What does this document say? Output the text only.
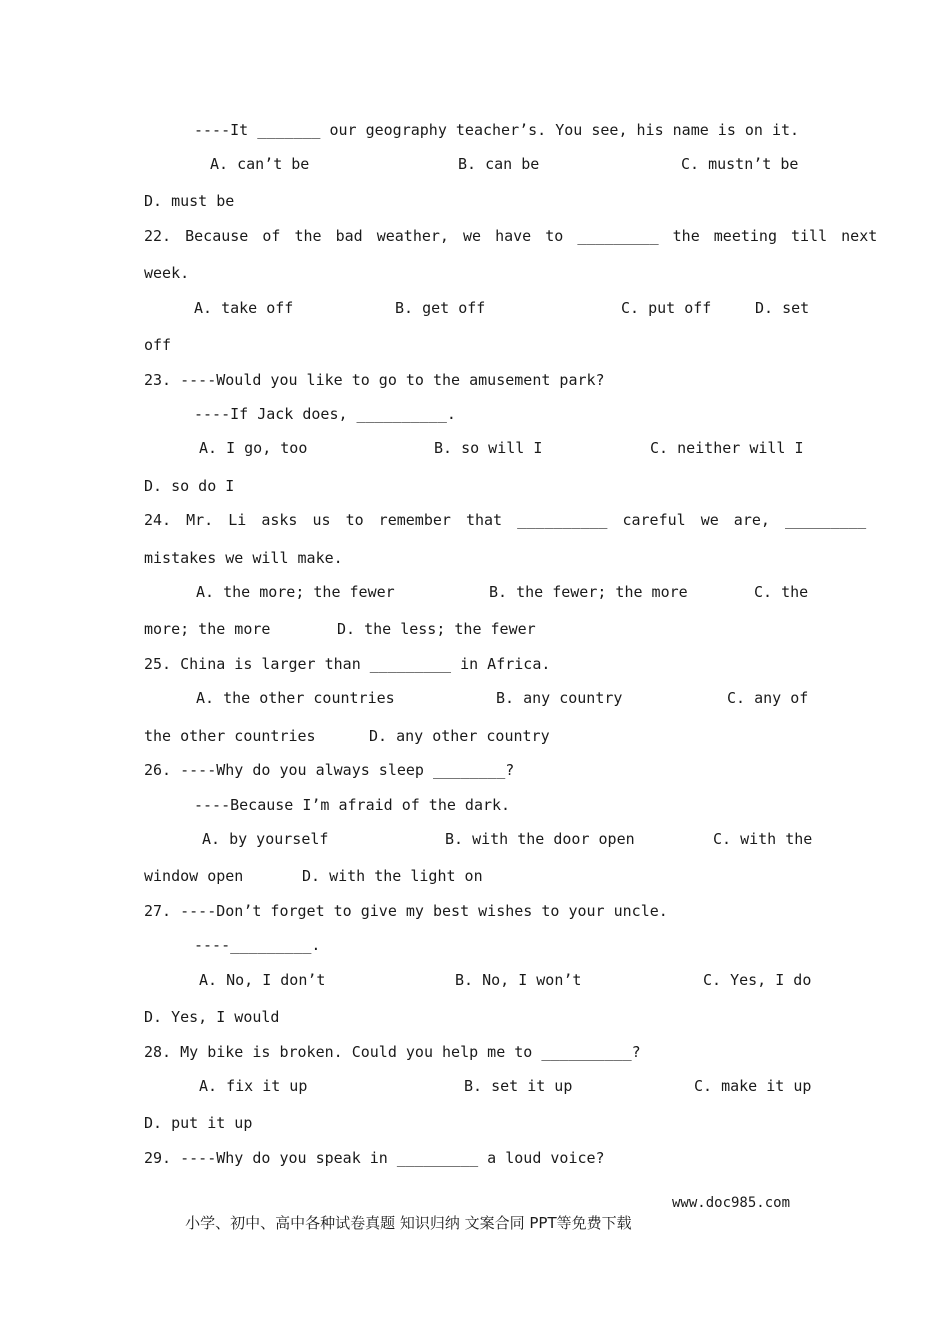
----It _______ our geography teacher’s. You see, his name is on it.
A. can’t be	B. can be	C. mustn’t be
D. must be
22. Because of the bad weather, we have to _________ the meeting till next
week.
A. take off	B. get off	C. put off	D. set
off
23. ----Would you like to go to the amusement park?
----If Jack does, __________.
A. I go, too	B. so will I	C. neither will I
D. so do I
24. Mr. Li asks us to remember that __________ careful we are, _________
mistakes we will make.
A. the more; the fewer	B. the fewer; the more	C. the
more; the more	D. the less; the fewer
25. China is larger than _________ in Africa.
A. the other countries	B. any country	C. any of
the other countries	D. any other country
26. ----Why do you always sleep ________?
----Because I’m afraid of the dark.
A. by yourself	B. with the door open	C. with the
window open	D. with the light on
27. ----Don’t forget to give my best wishes to your uncle.
----_________.
A. No, I don’t	B. No, I won’t	C. Yes, I do
D. Yes, I would
28. My bike is broken. Could you help me to __________?
A. fix it up	B. set it up	C. make it up
D. put it up
29. ----Why do you speak in _________ a loud voice?

小学、初中、高中各种试卷真题 知识归纳 文案合同 PPT等免费下载

www.doc985.com
